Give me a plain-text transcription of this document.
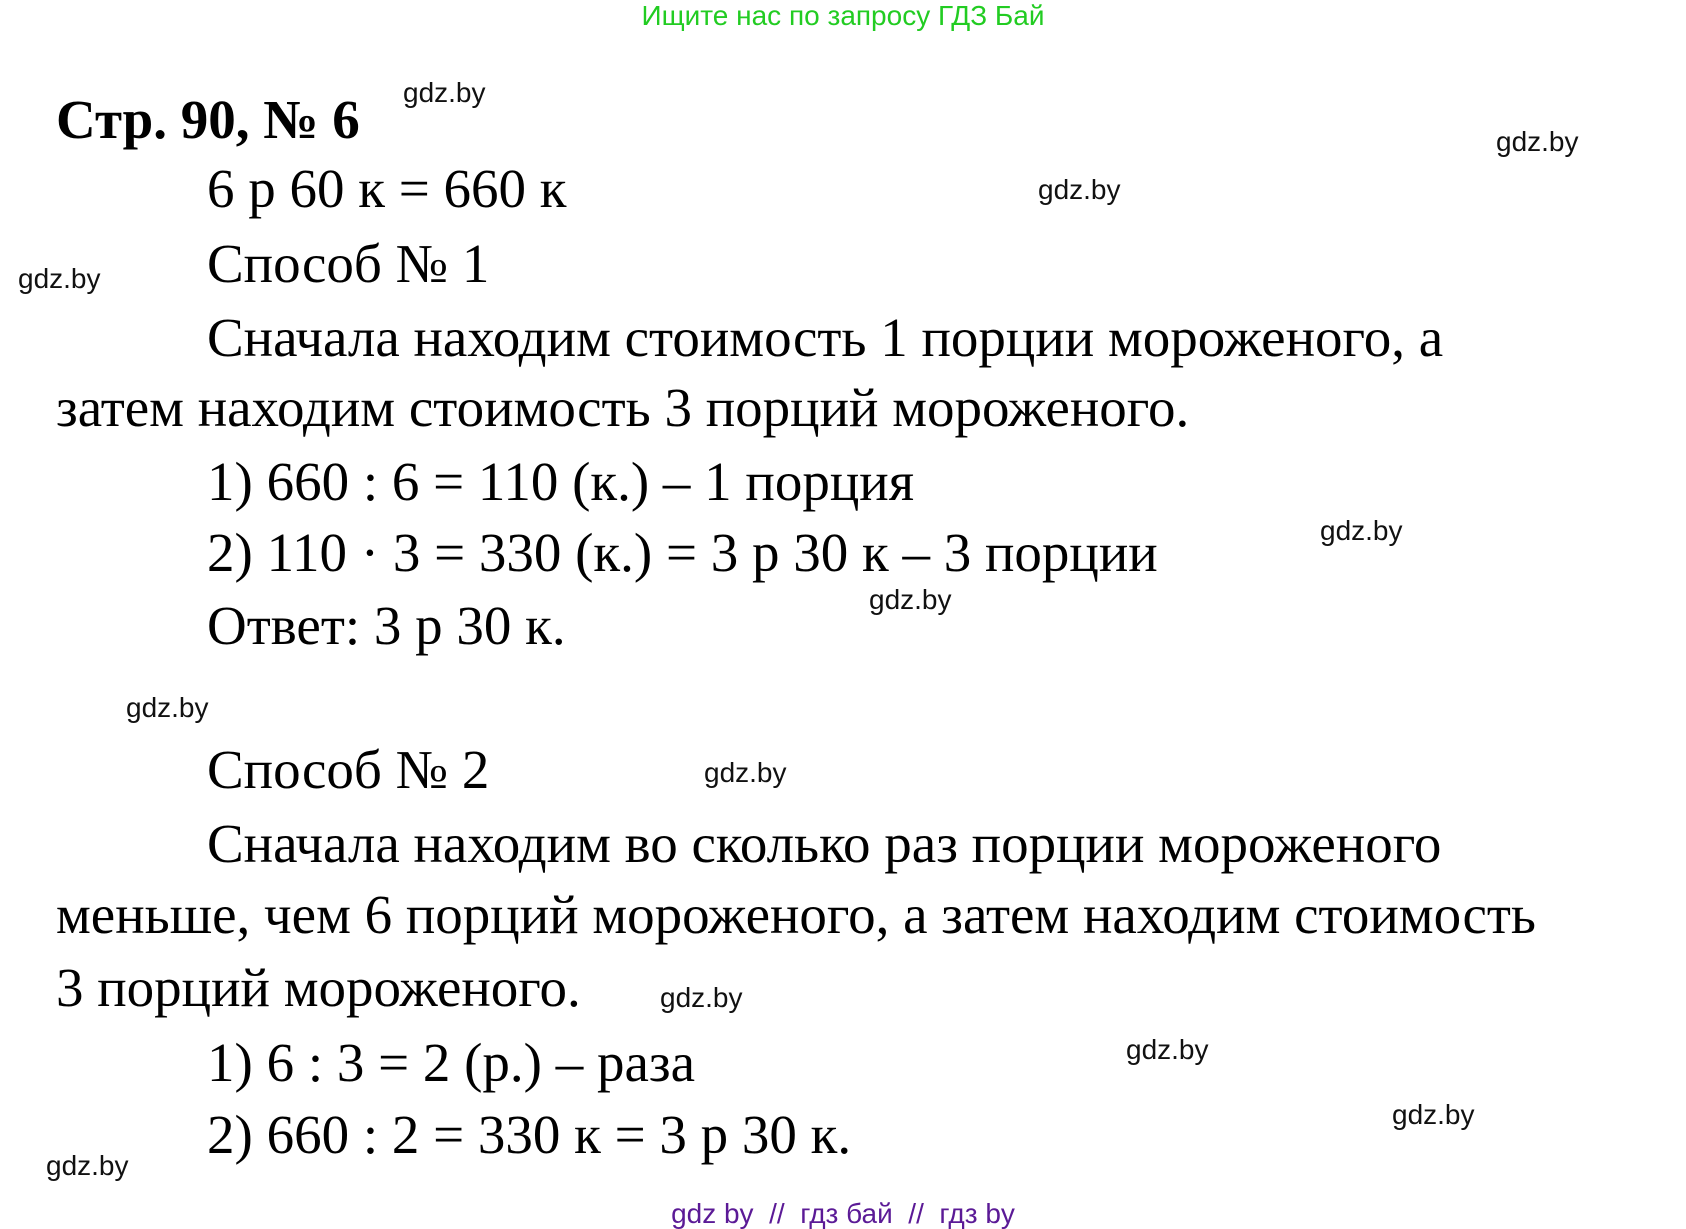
Ищите нас по запросу ГДЗ Бай
Стр. 90, № 6
6 р 60 к = 660 к
Способ № 1
Сначала находим стоимость 1 порции мороженого, а
затем находим стоимость 3 порций мороженого.
1) 660 : 6 = 110 (к.) – 1 порция
2) 110 · 3 = 330 (к.) = 3 р 30 к – 3 порции
Ответ: 3 р 30 к.
Способ № 2
Сначала находим во сколько раз порции мороженого
меньше, чем 6 порций мороженого, а затем находим стоимость
3 порций мороженого.
1) 6 : 3 = 2 (р.) – раза
2) 660 : 2 = 330 к = 3 р 30 к.
gdz.by
gdz.by
gdz.by
gdz.by
gdz.by
gdz.by
gdz.by
gdz.by
gdz.by
gdz.by
gdz.by
gdz.by
gdz by  //  гдз бай  //  гдз by
